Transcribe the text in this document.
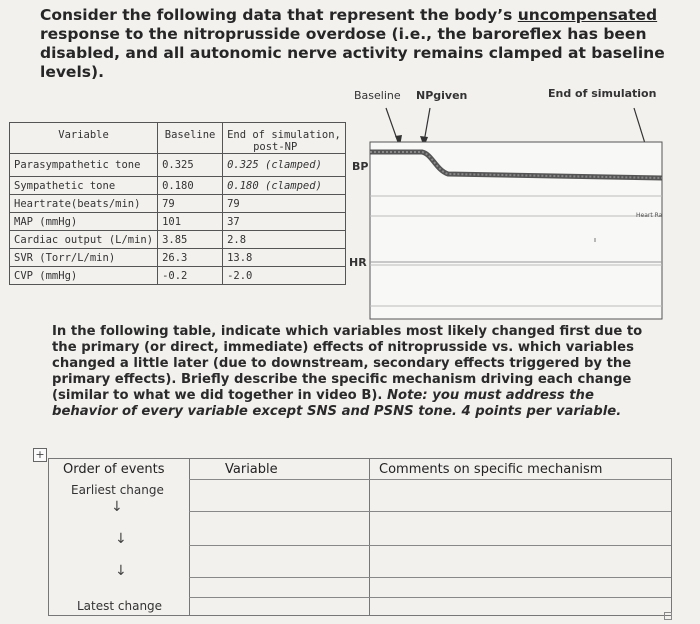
Consider the following data that represent the body’s uncompensated response to the nitroprusside overdose (i.e., the baroreflex has been disabled, and all autonomic nerve activity remains clamped at baseline levels).
Variable	Baseline	End of simulation,
post-NP

Parasympathetic tone	0.325	0.325 (clamped)
Sympathetic tone	0.180	0.180 (clamped)
Heartrate(beats/min)	79	79
MAP (mmHg)	101	37
Cardiac output (L/min)	3.85	2.8
SVR (Torr/L/min)	26.3	13.8
CVP (mmHg)	-0.2	-2.0
Baseline NPgiven	End of simulation
BP
HR
Heart Ra
In the following table, indicate which variables most likely changed first due to the primary (or direct, immediate) effects of nitroprusside vs. which variables changed a little later (due to downstream, secondary effects triggered by the primary effects). Briefly describe the specific mechanism driving each change (similar to what we did together in video B). Note: you must address the behavior of every variable except SNS and PSNS tone. 4 points per variable.
+
Order of events	Variable	Comments on specific mechanism
Earliest change
↓
↓
↓
Latest change
